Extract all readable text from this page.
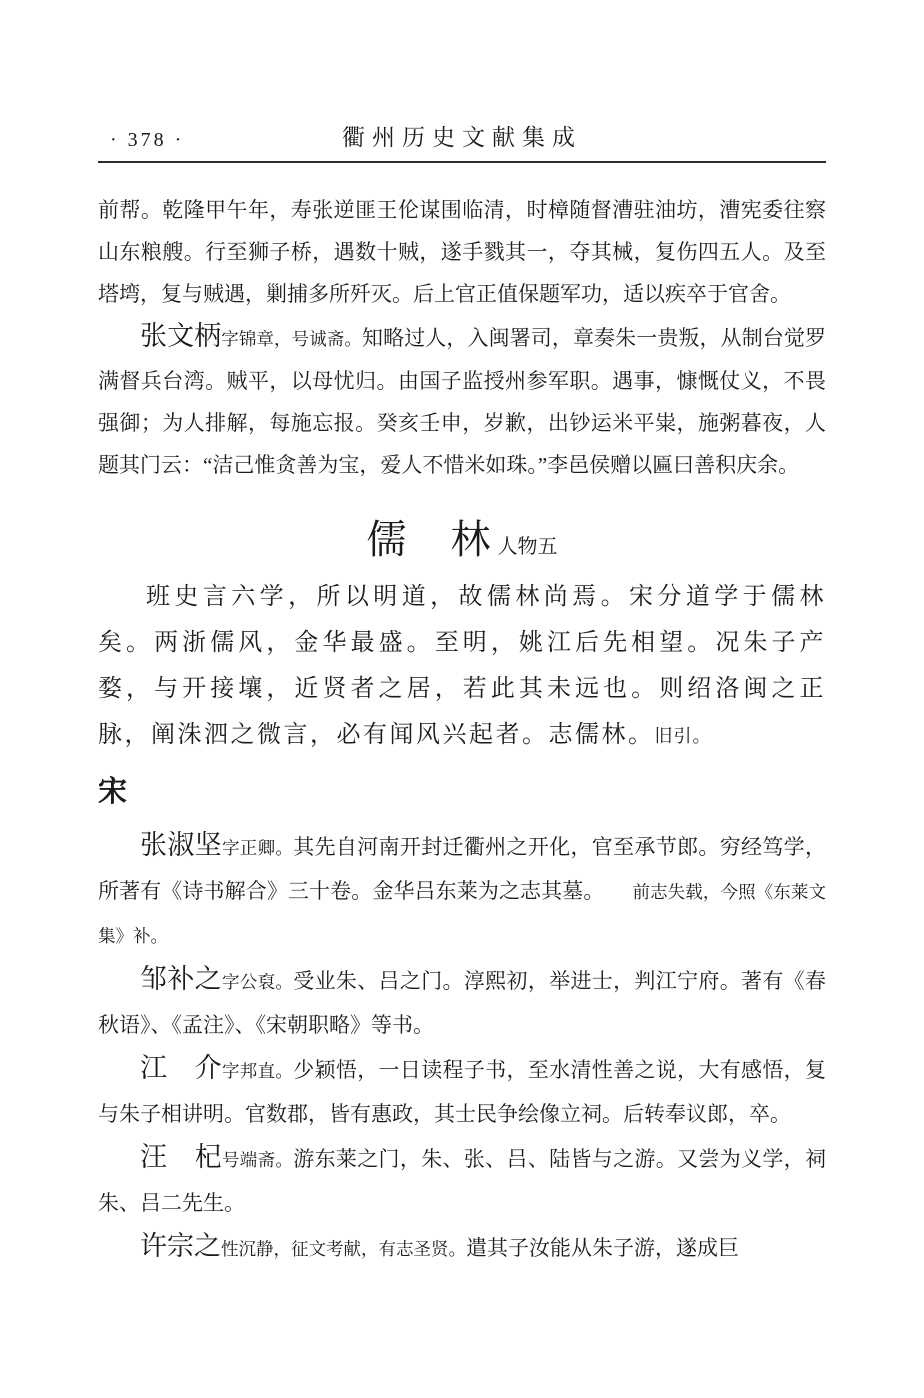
· 378 ·	衢州历史文献集成

前帮。乾隆甲午年，寿张逆匪王伦谋围临清，时樟随督漕驻油坊，漕宪委往察山东粮艘。行至狮子桥，遇数十贼，遂手戮其一，夺其械，复伤四五人。及至塔塆，复与贼遇，剿捕多所歼灭。后上官正值保题军功，适以疾卒于官舍。

张文柄字锦章，号诚斋。知略过人，入闽署司，章奏朱一贵叛，从制台觉罗满督兵台湾。贼平，以母忧归。由国子监授州参军职。遇事，慷慨仗义，不畏强御；为人排解，每施忘报。癸亥壬申，岁歉，出钞运米平粜，施粥暮夜，人题其门云：“洁己惟贪善为宝，爱人不惜米如珠。”李邑侯赠以匾曰善积庆余。

儒　林 人物五

班史言六学，所以明道，故儒林尚焉。宋分道学于儒林矣。两浙儒风，金华最盛。至明，姚江后先相望。况朱子产婺，与开接壤，近贤者之居，若此其未远也。则绍洛闽之正脉，阐洙泗之微言，必有闻风兴起者。志儒林。旧引。

宋

张淑坚字正卿。其先自河南开封迁衢州之开化，官至承节郎。穷经笃学，所著有《诗书解合》三十卷。金华吕东莱为之志其墓。 前志失载，今照《东莱文集》补。

邹补之字公裒。受业朱、吕之门。淳熙初，举进士，判江宁府。著有《春秋语》、《孟注》、《宋朝职略》等书。

江　介字邦直。少颖悟，一日读程子书，至水清性善之说，大有感悟，复与朱子相讲明。官数郡，皆有惠政，其士民争绘像立祠。后转奉议郎，卒。

汪　杞号端斋。游东莱之门，朱、张、吕、陆皆与之游。又尝为义学，祠朱、吕二先生。

许宗之性沉静，征文考献，有志圣贤。遣其子汝能从朱子游，遂成巨
